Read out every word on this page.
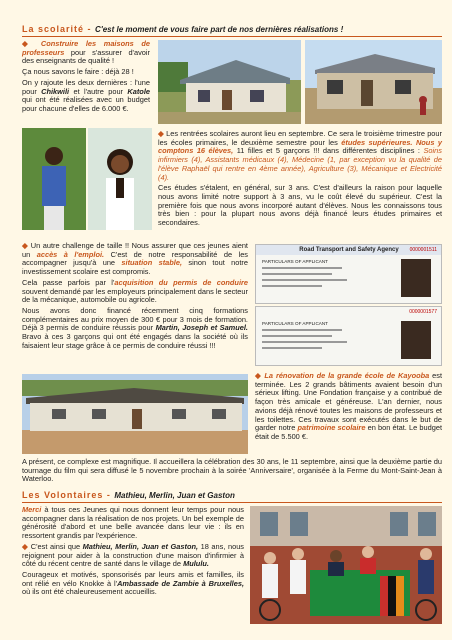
La scolarité - C'est le moment de vous faire part de nos dernières réalisations !

◆ Construire les maisons de professeurs pour s'assurer d'avoir des enseignants de qualité !

Ça nous savons le faire : déjà 28 !

On y rajoute les deux dernières : l'une pour Chikwili et l'autre pour Katole qui ont été réalisées avec un budget pour chacune d'elles de 6.000 €.

◆ Les rentrées scolaires auront lieu en septembre. Ce sera le troisième trimestre pour les écoles primaires, le deuxième semestre pour les études supérieures. Nous y comptons 16 élèves, 11 filles et 5 garçons !!! dans différentes disciplines : Soins infirmiers (4), Assistants médicaux (4), Médecine (1, par exception vu la qualité de l'élève Raphaël qui rentre en 4ème année), Agriculture (3), Mécanique et Electricité (4).

Ces études s'étalent, en général, sur 3 ans. C'est d'ailleurs la raison pour laquelle nous avons limité notre support à 3 ans, vu le coût élevé du supérieur. C'est la première fois que nous avons incorporé autant d'élèves. Nous les connaissons tous très bien : pour la plupart nous avons déjà financé leurs études primaires et secondaires.

◆ Un autre challenge de taille !! Nous assurer que ces jeunes aient un accès à l'emploi. C'est de notre responsabilité de les accompagner jusqu'à une situation stable, sinon tout notre investissement scolaire est compromis.

Cela passe parfois par l'acquisition du permis de conduire souvent demandé par les employeurs principalement dans le secteur de la mécanique, automobile ou agricole.

Nous avons donc financé récemment cinq formations complémentaires au prix moyen de 300 € pour 3 mois de formation. Déjà 3 permis de conduire réussis pour Martin, Joseph et Samuel. Bravo à ces 3 garçons qui ont été engagés dans la société où ils faisaient leur stage grâce à ce permis de conduire réussi !!!

Road Transport and Safety Agency	0000001511
PARTICULARS OF APPLICANT
0000001577
PARTICULARS OF APPLICANT

◆ La rénovation de la grande école de Kayooba est terminée. Les 2 grands bâtiments avaient besoin d'un sérieux lifting. Une Fondation française y a contribué de façon très amicale et généreuse. L'an dernier, nous avions déjà rénové toutes les maisons de professeurs et les toilettes. Ces travaux sont exécutés dans le but de garder notre patrimoine scolaire en bon état. Le budget était de 5.500 €.

A présent, ce complexe est magnifique. Il accueillera la célébration des 30 ans, le 11 septembre, ainsi que la deuxième partie du tournage du film qui sera diffusé le 5 novembre prochain à la soirée 'Anniversaire', organisée à la Ferme du Mont-Saint-Jean à Waterloo.

Les Volontaires - Mathieu, Merlin, Juan et Gaston

Merci à tous ces Jeunes qui nous donnent leur temps pour nous accompagner dans la réalisation de nos projets. Un bel exemple de générosité d'abord et une belle avancée dans leur vie : ils en ressortent grandis par l'expérience.

◆ C'est ainsi que Mathieu, Merlin, Juan et Gaston, 18 ans, nous rejoignent pour aider à la construction d'une maison d'infirmier à côté du récent centre de santé dans le village de Mululu.

Courageux et motivés, sponsorisés par leurs amis et familles, ils ont rélié en vélo Knokke à l'Ambassade de Zambie à Bruxelles, où ils ont été chaleureusement accueillis.
